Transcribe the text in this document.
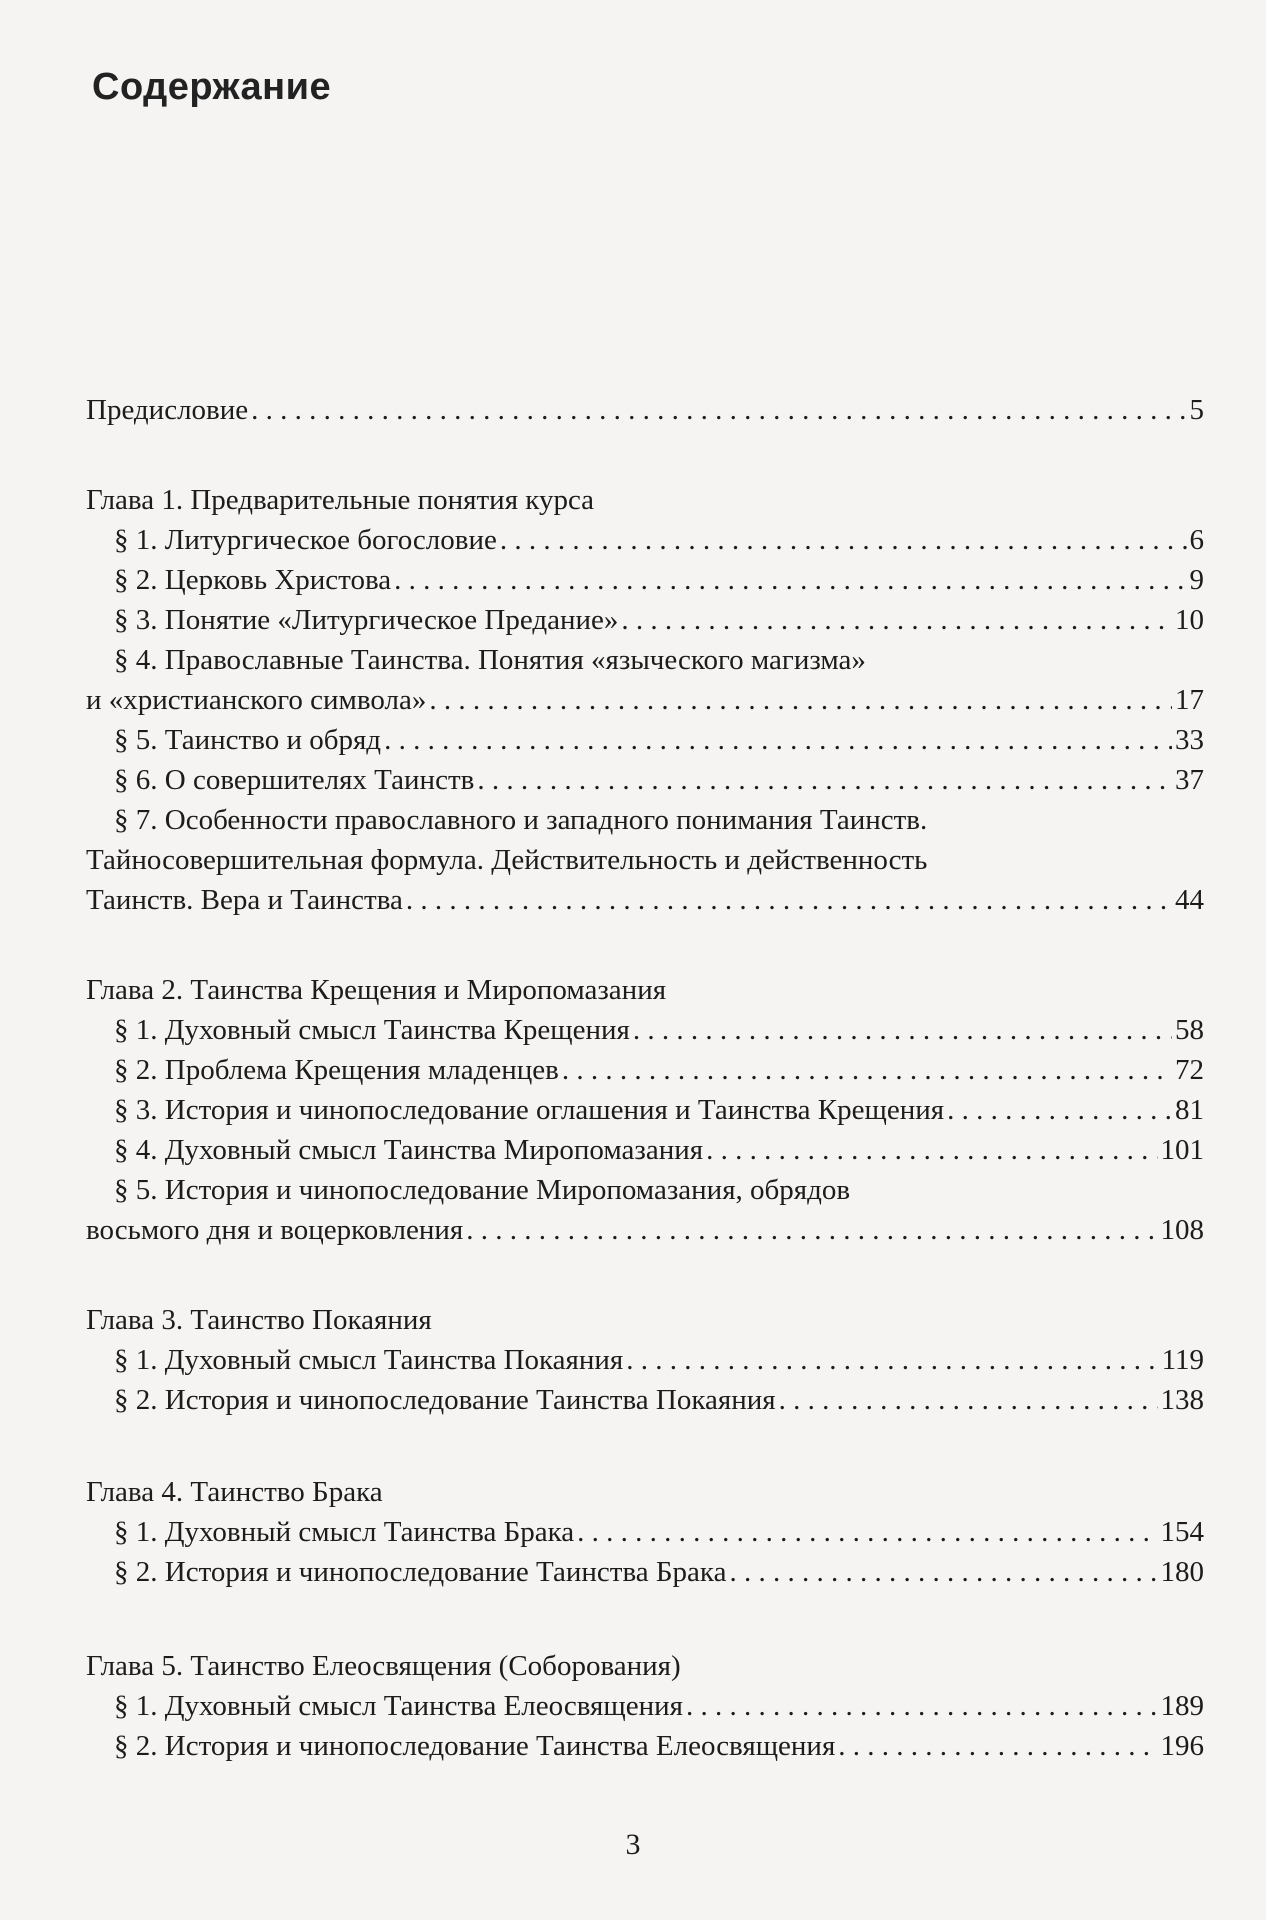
Содержание
Предисловие . . .	5
Глава 1. Предварительные понятия курса
§ 1. Литургическое богословие . . .	6
§ 2. Церковь Христова . . .	9
§ 3. Понятие «Литургическое Предание» . . .	10
§ 4. Православные Таинства. Понятия «языческого магизма»
и «христианского символа» . . .	17
§ 5. Таинство и обряд . . .	33
§ 6. О совершителях Таинств . . .	37
§ 7. Особенности православного и западного понимания Таинств.
Тайносовершительная формула. Действительность и действенность
Таинств. Вера и Таинства . . .	44
Глава 2. Таинства Крещения и Миропомазания
§ 1. Духовный смысл Таинства Крещения . . .	58
§ 2. Проблема Крещения младенцев . . .	72
§ 3. История и чинопоследование оглашения и Таинства Крещения . . .	81
§ 4. Духовный смысл Таинства Миропомазания . . .	101
§ 5. История и чинопоследование Миропомазания, обрядов
восьмого дня и воцерковления . . .	108
Глава 3. Таинство Покаяния
§ 1. Духовный смысл Таинства Покаяния . . .	119
§ 2. История и чинопоследование Таинства Покаяния . . .	138
Глава 4. Таинство Брака
§ 1. Духовный смысл Таинства Брака . . .	154
§ 2. История и чинопоследование Таинства Брака . . .	180
Глава 5. Таинство Елеосвящения (Соборования)
§ 1. Духовный смысл Таинства Елеосвящения . . .	189
§ 2. История и чинопоследование Таинства Елеосвящения . . .	196
3
